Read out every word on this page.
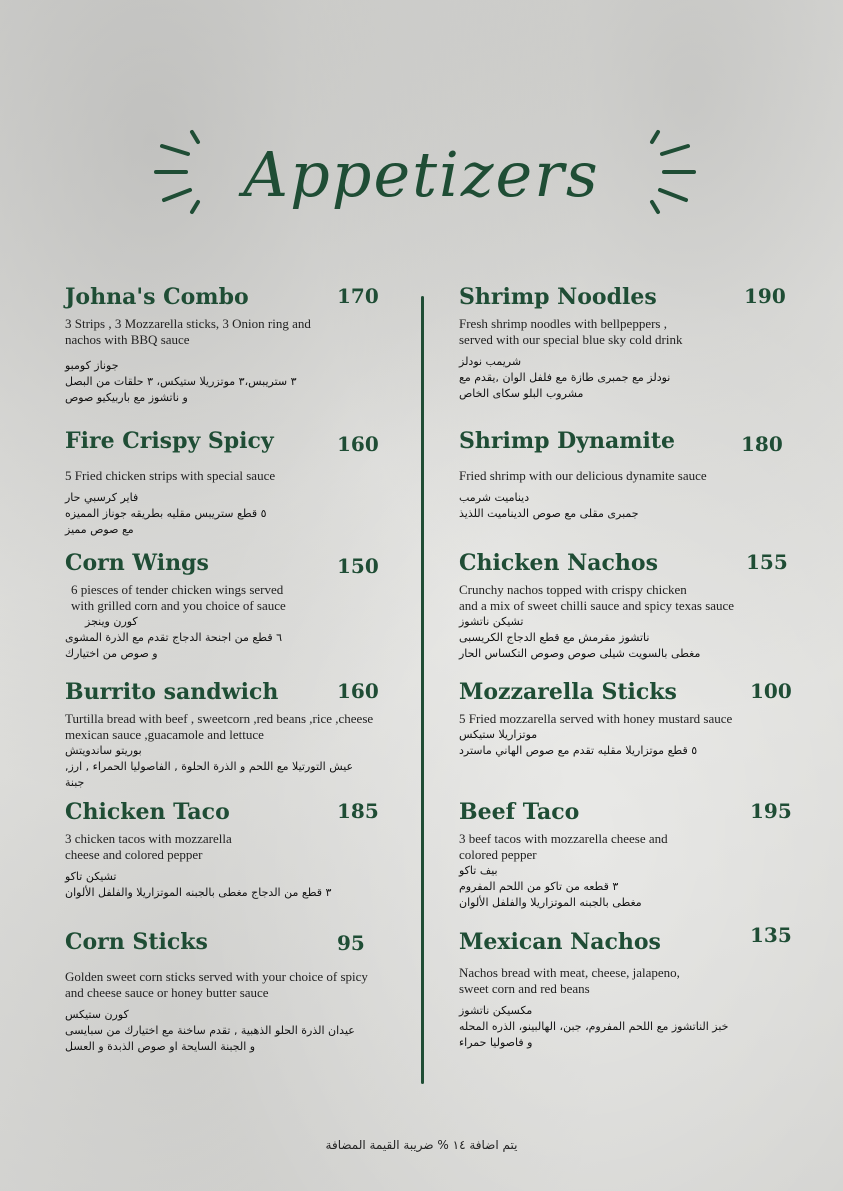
Appetizers
Johna's Combo	170
3 Strips , 3 Mozzarella sticks, 3 Onion ring and
nachos with BBQ sauce
جوناز كومبو
٣ ستريبس،٣ موتزريلا ستيكس، ٣ حلقات من البصل
و ناتشوز مع باربيكيو صوص
Fire Crispy Spicy	160
5 Fried chicken strips with special sauce
فاير كرسبي حار
٥ قطع ستريبس مقليه بطريقه جوناز المميزه
مع صوص مميز
Corn Wings	150
6 piesces of tender chicken wings served
with grilled corn and you choice of sauce
كورن وينجز
٦ قطع من اجنحة الدجاج تقدم مع الذرة المشوى
و صوص من اختيارك
Burrito sandwich	160
Turtilla bread with beef , sweetcorn ,red beans ,rice ,cheese
mexican sauce ,guacamole and lettuce
بوريتو ساندويتش
عيش التورتيلا مع اللحم و الذرة الحلوة , الفاصوليا الحمراء , ارز,
جبنة
Chicken Taco	185
3 chicken tacos with mozzarella
cheese and colored pepper
تشيكن تاكو
٣ قطع من الدجاج مغطى بالجبنه الموتزاريلا والفلفل الألوان
Corn Sticks	95
Golden sweet corn sticks served with your choice of spicy
and cheese sauce or honey butter sauce
كورن ستيكس
عيدان الذرة الحلو الذهبية , تقدم ساخنة مع اختيارك من سبايسى
و الجبنة السايحة او صوص الذبدة و العسل
Shrimp Noodles	190
Fresh shrimp noodles with bellpeppers ,
served with our special blue sky cold drink
شريمب نودلز
نودلز مع جمبرى طازة مع فلفل الوان ,يقدم مع
مشروب البلو سكاى الخاص
Shrimp Dynamite	180
Fried shrimp with our delicious dynamite sauce
ديناميت شرمب
جمبرى مقلى مع صوص الديناميت اللذيذ
Chicken Nachos	155
Crunchy nachos topped with crispy chicken
and a mix of sweet chilli sauce and spicy texas sauce
تشيكن ناتشوز
ناتشوز مقرمش مع قطع الدجاج الكريسبى
مغطى بالسويت شيلى صوص وصوص التكساس الحار
Mozzarella Sticks	100
5 Fried mozzarella served with honey mustard sauce
موتزاريلا ستيكس
٥ قطع موتزاريلا مقليه تقدم مع صوص الهاني ماسترد
Beef Taco	195
3 beef tacos with mozzarella cheese and
colored pepper
بيف تاكو
٣ قطعه من تاكو من اللحم المفروم
مغطى بالجبنه الموتزاريلا والفلفل الألوان
Mexican Nachos	135
Nachos bread with meat, cheese, jalapeno,
sweet corn and red beans
مكسيكن ناتشوز
خبز الناتشوز مع اللحم المفروم، جبن، الهالبينو، الذره المحله
و فاصوليا حمراء
يتم اضافة ١٤ % ضريبة القيمة المضافة
